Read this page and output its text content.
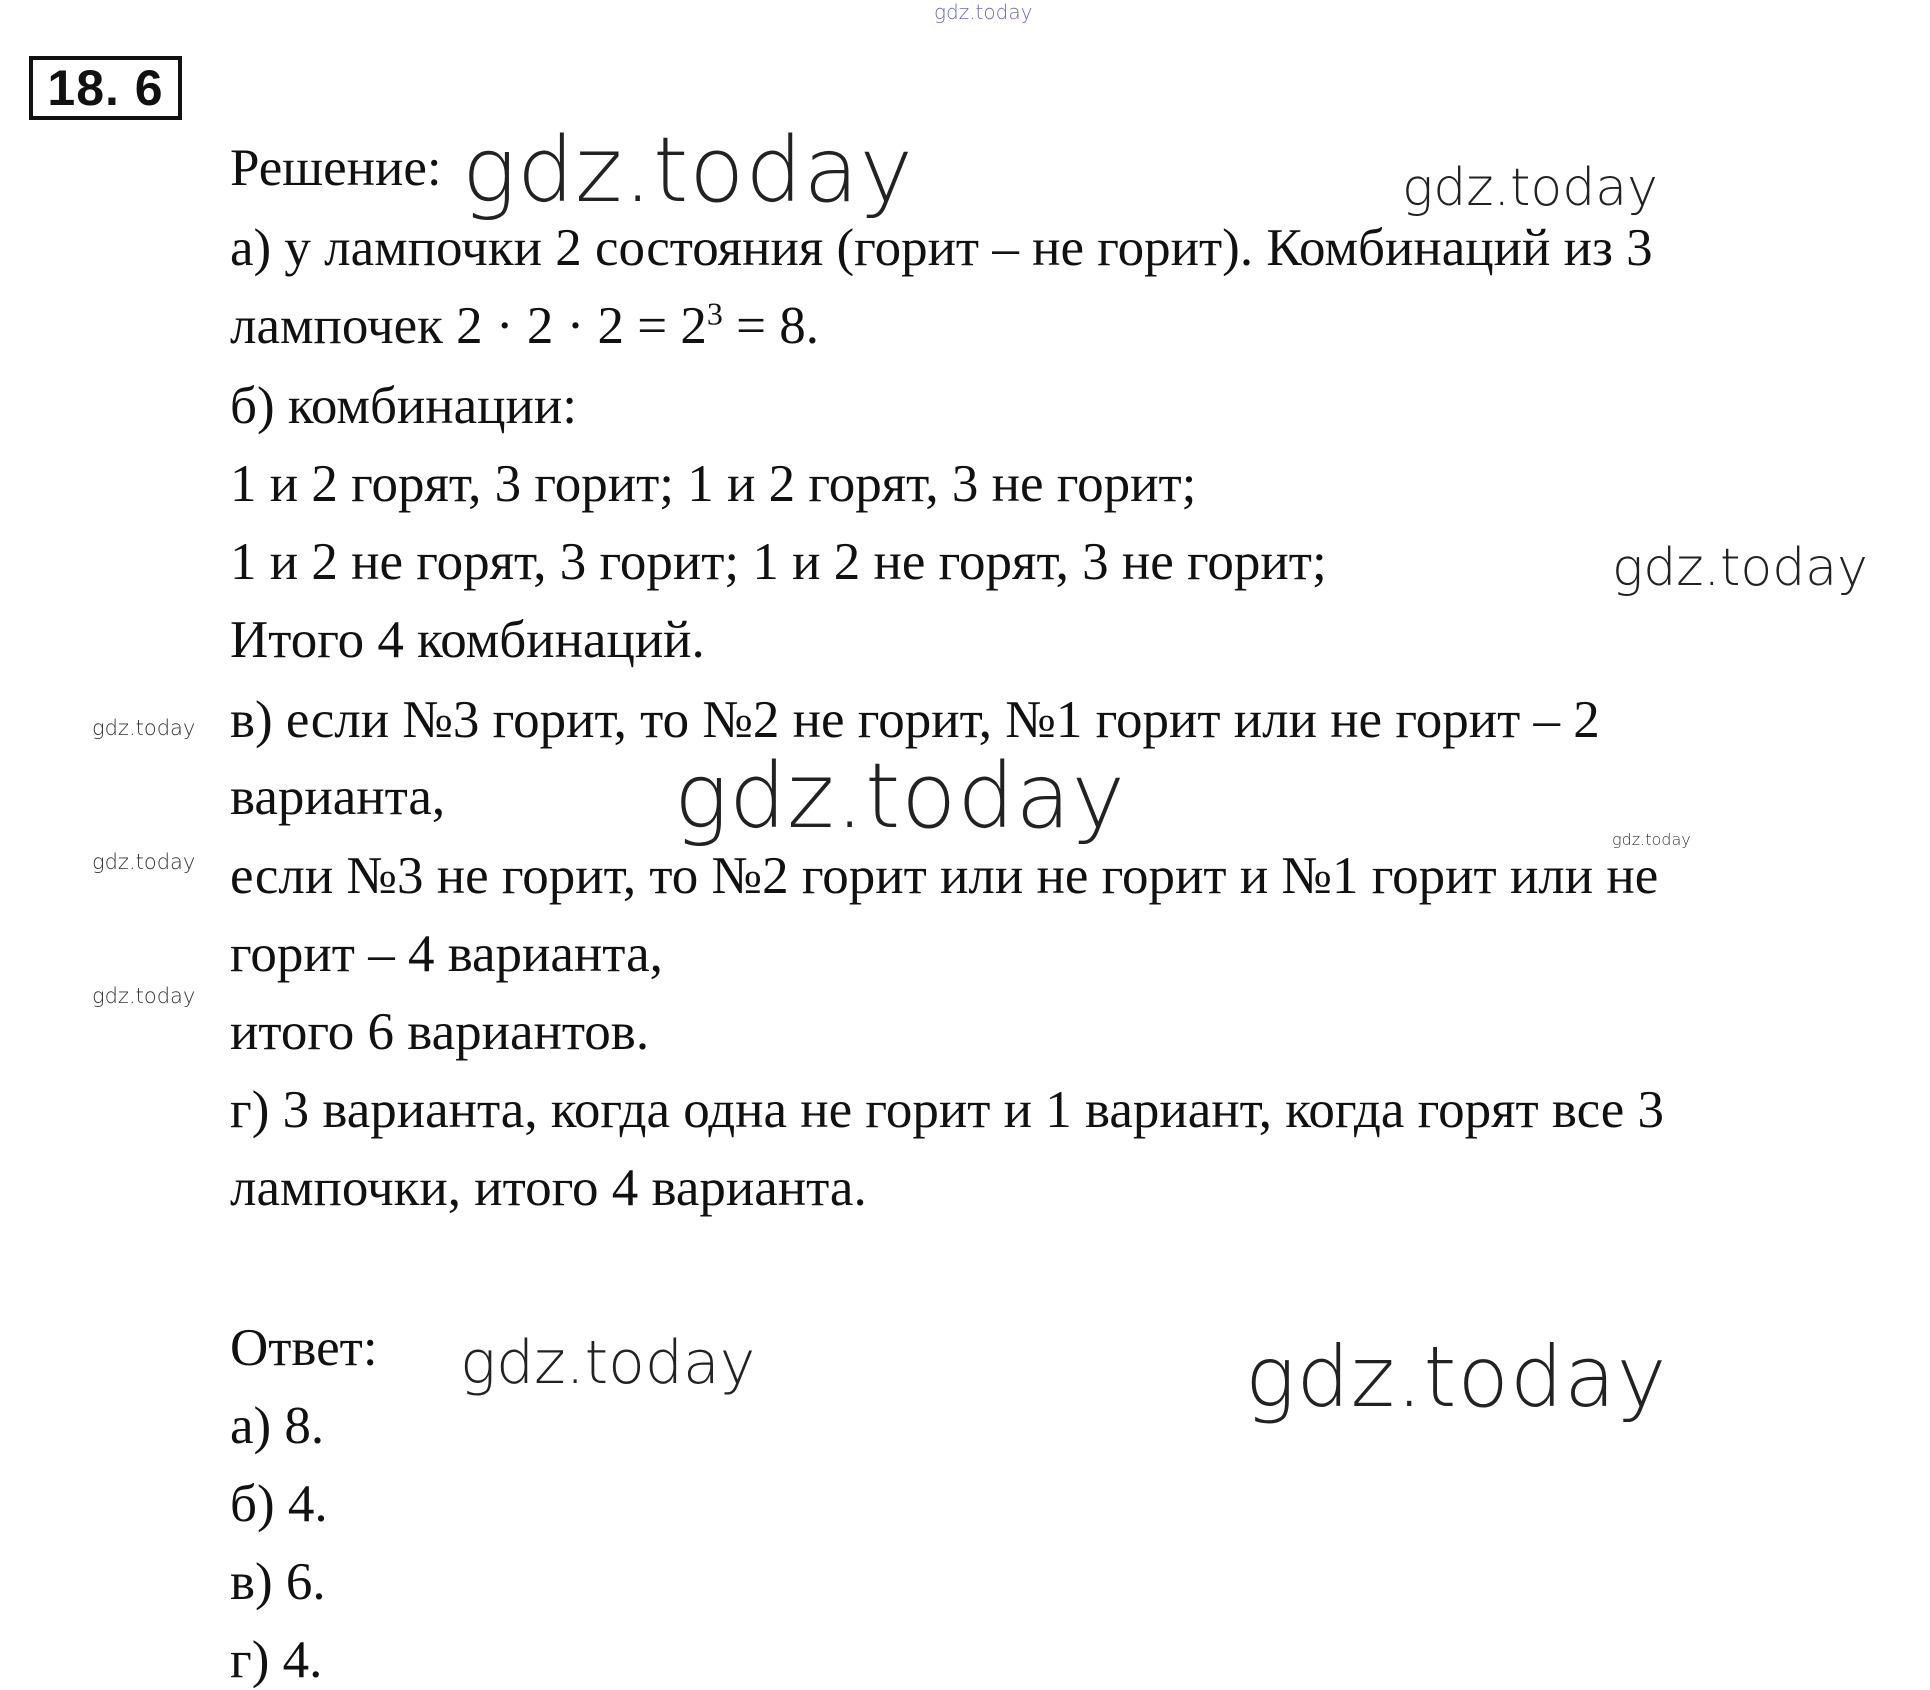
18. 6
Решение:
а) у лампочки 2 состояния (горит – не горит). Комбинаций из 3
лампочек $2 \cdot 2 \cdot 2 = 2^3 = 8$.
б) комбинации:
1 и 2 горят, 3 горит; 1 и 2 горят, 3 не горит;
1 и 2 не горят, 3 горит; 1 и 2 не горят, 3 не горит;
Итого 4 комбинаций.
в) если №3 горит, то №2 не горит, №1 горит или не горит – 2
варианта,
если №3 не горит, то №2 горит или не горит и №1 горит или не
горит – 4 варианта,
итого 6 вариантов.
г) 3 варианта, когда одна не горит и 1 вариант, когда горят все 3
лампочки, итого 4 варианта.
Ответ:
а) 8.
б) 4.
в) 6.
г) 4.
gdz.today
gdz.today	gdz.today
gdz.today
gdz.today
gdz.today	gdz.today
gdz.today
gdz.today
gdz.today	gdz.today
